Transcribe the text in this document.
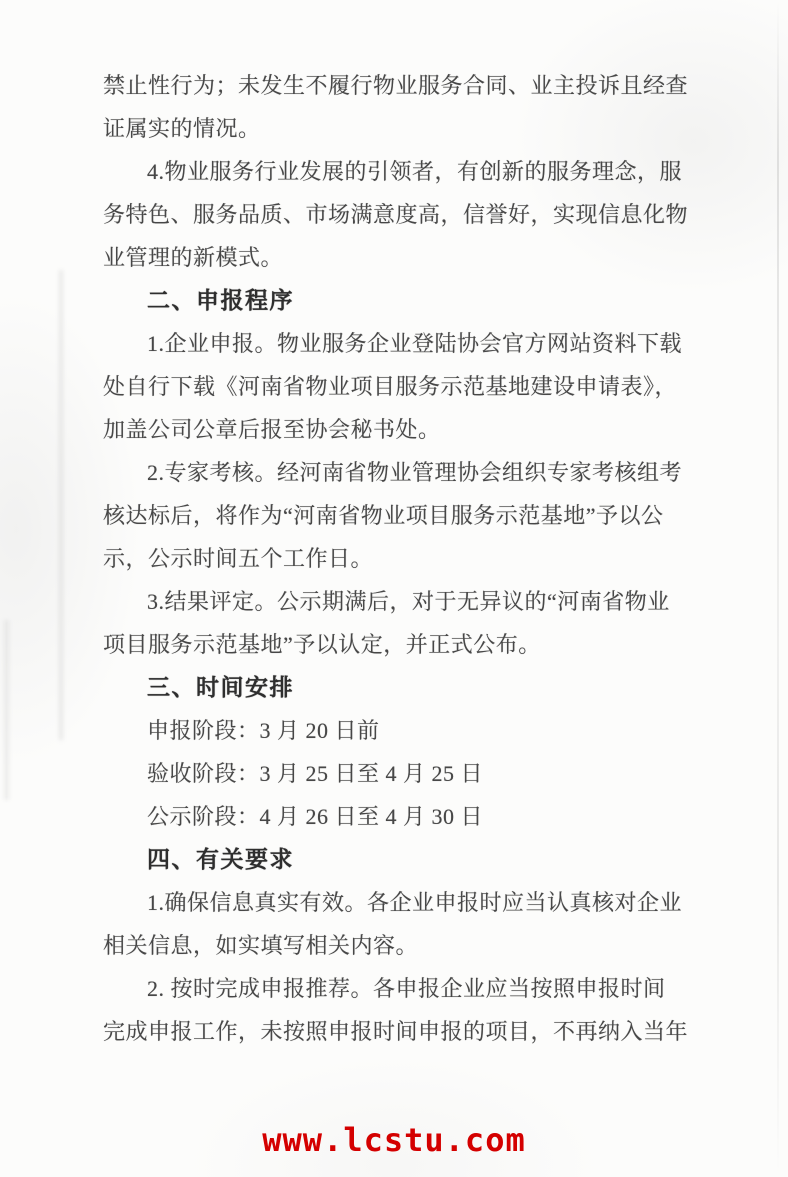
禁止性行为；未发生不履行物业服务合同、业主投诉且经查
证属实的情况。
4.物业服务行业发展的引领者，有创新的服务理念，服
务特色、服务品质、市场满意度高，信誉好，实现信息化物
业管理的新模式。
二、申报程序
1.企业申报。物业服务企业登陆协会官方网站资料下载
处自行下载《河南省物业项目服务示范基地建设申请表》，
加盖公司公章后报至协会秘书处。
2.专家考核。经河南省物业管理协会组织专家考核组考
核达标后，将作为“河南省物业项目服务示范基地”予以公
示，公示时间五个工作日。
3.结果评定。公示期满后，对于无异议的“河南省物业
项目服务示范基地”予以认定，并正式公布。
三、时间安排
申报阶段：3 月 20 日前
验收阶段：3 月 25 日至 4 月 25 日
公示阶段：4 月 26 日至 4 月 30 日
四、有关要求
1.确保信息真实有效。各企业申报时应当认真核对企业
相关信息，如实填写相关内容。
2. 按时完成申报推荐。各申报企业应当按照申报时间
完成申报工作，未按照申报时间申报的项目，不再纳入当年
www.lcstu.com
